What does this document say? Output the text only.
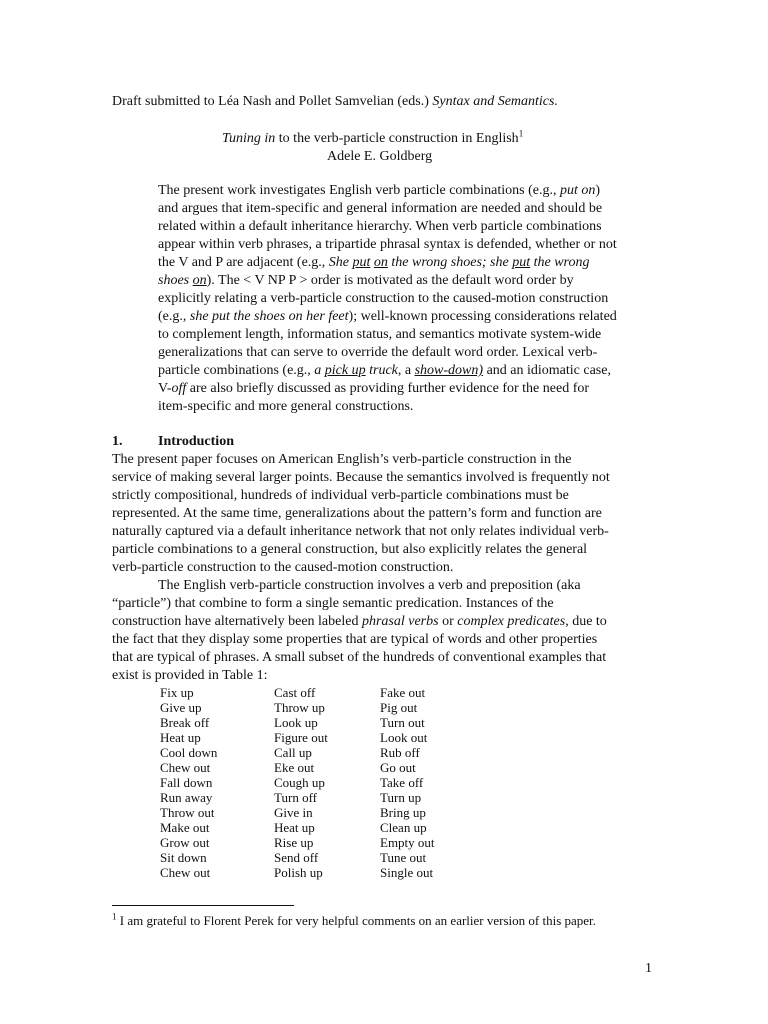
Draft submitted to Léa Nash and Pollet Samvelian (eds.) Syntax and Semantics.
Tuning in to the verb-particle construction in English$^1$
Adele E. Goldberg
The present work investigates English verb particle combinations (e.g., put on)
and argues that item-specific and general information are needed and should be
related within a default inheritance hierarchy. When verb particle combinations
appear within verb phrases, a tripartide phrasal syntax is defended, whether or not
the V and P are adjacent (e.g., She put on the wrong shoes; she put the wrong
shoes on). The < V NP P > order is motivated as the default word order by
explicitly relating a verb-particle construction to the caused-motion construction
(e.g., she put the shoes on her feet); well-known processing considerations related
to complement length, information status, and semantics motivate system-wide
generalizations that can serve to override the default word order. Lexical verb-
particle combinations (e.g., a pick up truck, a show-down) and an idiomatic case,
V-off are also briefly discussed as providing further evidence for the need for
item-specific and more general constructions.
1.	Introduction
The present paper focuses on American English’s verb-particle construction in the
service of making several larger points. Because the semantics involved is frequently not
strictly compositional, hundreds of individual verb-particle combinations must be
represented. At the same time, generalizations about the pattern’s form and function are
naturally captured via a default inheritance network that not only relates individual verb-
particle combinations to a general construction, but also explicitly relates the general
verb-particle construction to the caused-motion construction.
The English verb-particle construction involves a verb and preposition (aka
“particle”) that combine to form a single semantic predication. Instances of the
construction have alternatively been labeled phrasal verbs or complex predicates, due to
the fact that they display some properties that are typical of words and other properties
that are typical of phrases. A small subset of the hundreds of conventional examples that
exist is provided in Table 1:
Fix up
Give up
Break off
Heat up
Cool down
Chew out
Fall down
Run away
Throw out
Make out
Grow out
Sit down
Chew out
Cast off
Throw up
Look up
Figure out
Call up
Eke out
Cough up
Turn off
Give in
Heat up
Rise up
Send off
Polish up
Fake out
Pig out
Turn out
Look out
Rub off
Go out
Take off
Turn up
Bring up
Clean up
Empty out
Tune out
Single out
$^1$ I am grateful to Florent Perek for very helpful comments on an earlier version of this paper.
1
